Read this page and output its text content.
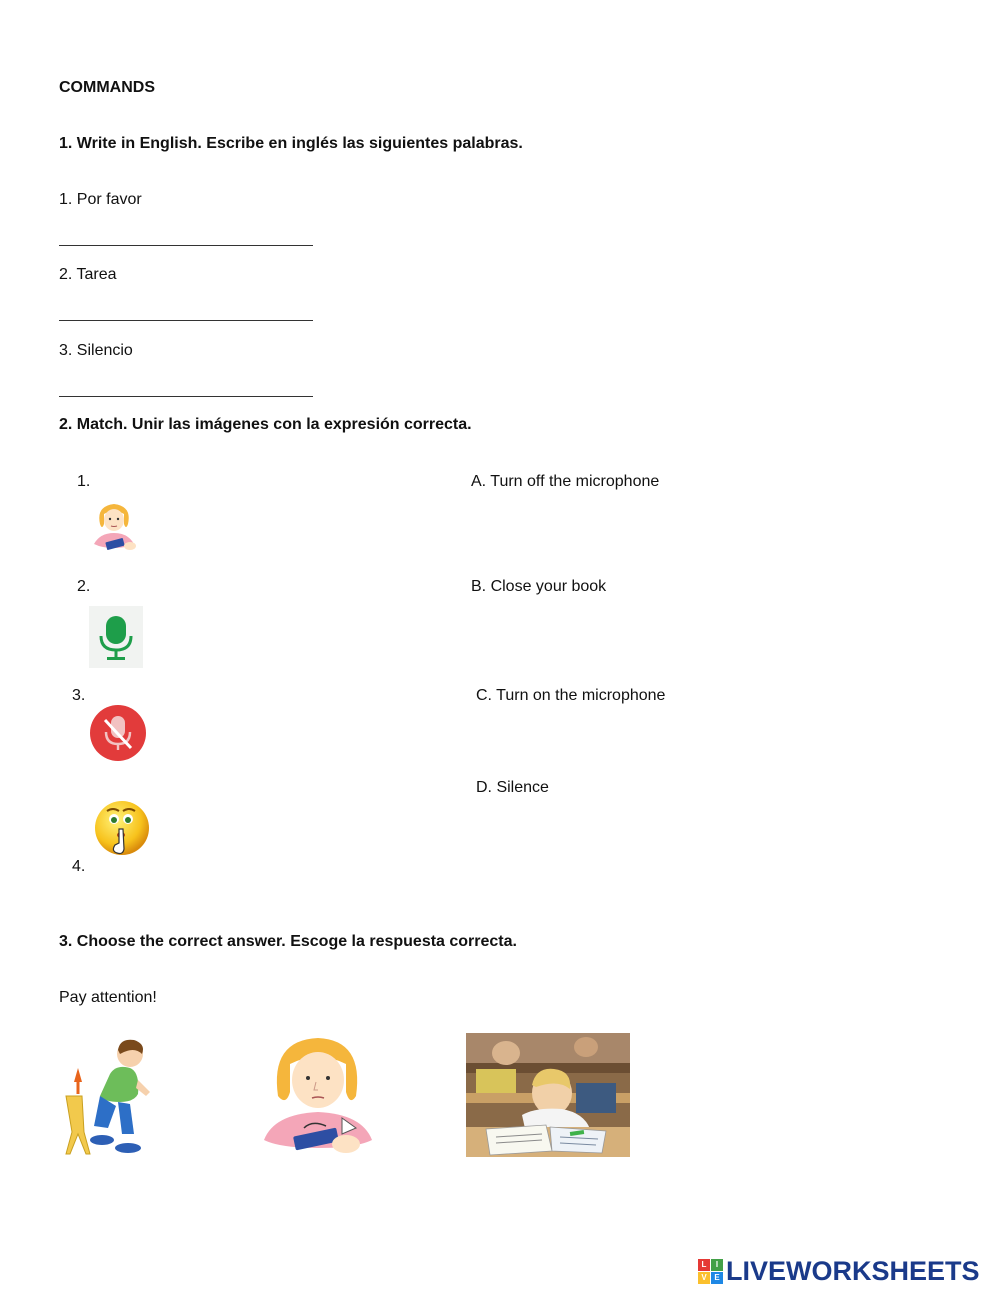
COMMANDS
1. Write in English. Escribe en inglés las siguientes palabras.
1. Por favor
2. Tarea
3. Silencio
2. Match. Unir las imágenes con la expresión correcta.
1.
2.
3.
4.
A. Turn off the microphone
B. Close your book
C. Turn on the microphone
D. Silence
3. Choose the correct answer. Escoge la respuesta correcta.
Pay attention!
L	I
V E LIVEWORKSHEETS
